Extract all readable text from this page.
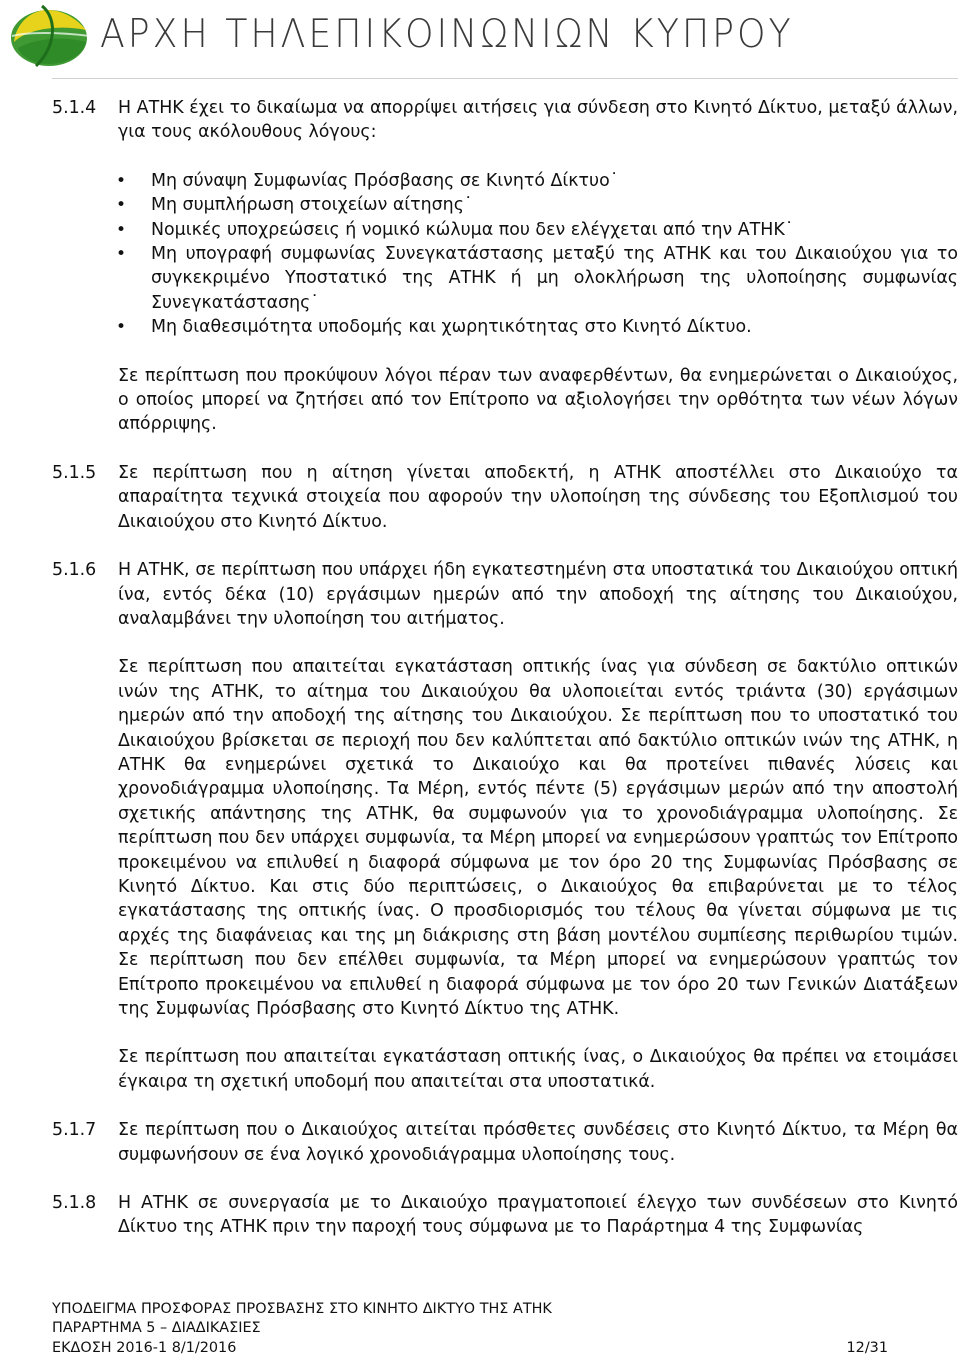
ΑΡΧΗ ΤΗΛΕΠΙΚΟΙΝΩΝΙΩΝ ΚΥΠΡΟΥ
5.1.4	Η ΑΤΗΚ έχει το δικαίωμα να απορρίψει αιτήσεις για σύνδεση στο Κινητό Δίκτυο, μεταξύ άλλων, για τους ακόλουθους λόγους:
• Μη σύναψη Συμφωνίας Πρόσβασης σε Κινητό Δίκτυο˙
• Μη συμπλήρωση στοιχείων αίτησης˙
• Νομικές υποχρεώσεις ή νομικό κώλυμα που δεν ελέγχεται από την ΑΤΗΚ˙
• Μη υπογραφή συμφωνίας Συνεγκατάστασης μεταξύ της ΑΤΗΚ και του Δικαιούχου για το συγκεκριμένο Υποστατικό της ΑΤΗΚ ή μη ολοκλήρωση της υλοποίησης συμφωνίας Συνεγκατάστασης˙
• Μη διαθεσιμότητα υποδομής και χωρητικότητας στο Κινητό Δίκτυο.

Σε περίπτωση που προκύψουν λόγοι πέραν των αναφερθέντων, θα ενημερώνεται ο Δικαιούχος, ο οποίος μπορεί να ζητήσει από τον Επίτροπο να αξιολογήσει την ορθότητα των νέων λόγων απόρριψης.

5.1.5	Σε περίπτωση που η αίτηση γίνεται αποδεκτή, η ΑΤΗΚ αποστέλλει στο Δικαιούχο τα απαραίτητα τεχνικά στοιχεία που αφορούν την υλοποίηση της σύνδεσης του Εξοπλισμού του Δικαιούχου στο Κινητό Δίκτυο.
5.1.6	Η ΑΤΗΚ, σε περίπτωση που υπάρχει ήδη εγκατεστημένη στα υποστατικά του Δικαιούχου οπτική ίνα, εντός δέκα (10) εργάσιμων ημερών από την αποδοχή της αίτησης του Δικαιούχου, αναλαμβάνει την υλοποίηση του αιτήματος.

Σε περίπτωση που απαιτείται εγκατάσταση οπτικής ίνας για σύνδεση σε δακτύλιο οπτικών ινών της ΑΤΗΚ, το αίτημα του Δικαιούχου θα υλοποιείται εντός τριάντα (30) εργάσιμων ημερών από την αποδοχή της αίτησης του Δικαιούχου. Σε περίπτωση που το υποστατικό του Δικαιούχου βρίσκεται σε περιοχή που δεν καλύπτεται από δακτύλιο οπτικών ινών της ΑΤΗΚ, η ΑΤΗΚ θα ενημερώνει σχετικά το Δικαιούχο και θα προτείνει πιθανές λύσεις και χρονοδιάγραμμα υλοποίησης. Τα Μέρη, εντός πέντε (5) εργάσιμων μερών από την αποστολή σχετικής απάντησης της ΑΤΗΚ, θα συμφωνούν για το χρονοδιάγραμμα υλοποίησης. Σε περίπτωση που δεν υπάρχει συμφωνία, τα Μέρη μπορεί να ενημερώσουν γραπτώς τον Επίτροπο προκειμένου να επιλυθεί η διαφορά σύμφωνα με τον όρο 20 της Συμφωνίας Πρόσβασης σε Κινητό Δίκτυο. Και στις δύο περιπτώσεις, ο Δικαιούχος θα επιβαρύνεται με το τέλος εγκατάστασης της οπτικής ίνας. Ο προσδιορισμός του τέλους θα γίνεται σύμφωνα με τις αρχές της διαφάνειας και της μη διάκρισης στη βάση μοντέλου συμπίεσης περιθωρίου τιμών. Σε περίπτωση που δεν επέλθει συμφωνία, τα Μέρη μπορεί να ενημερώσουν γραπτώς τον Επίτροπο προκειμένου να επιλυθεί η διαφορά σύμφωνα με τον όρο 20 των Γενικών Διατάξεων της Συμφωνίας Πρόσβασης στο Κινητό Δίκτυο της ΑΤΗΚ.

Σε περίπτωση που απαιτείται εγκατάσταση οπτικής ίνας, ο Δικαιούχος θα πρέπει να ετοιμάσει έγκαιρα τη σχετική υποδομή που απαιτείται στα υποστατικά.

5.1.7	Σε περίπτωση που ο Δικαιούχος αιτείται πρόσθετες συνδέσεις στο Κινητό Δίκτυο, τα Μέρη θα συμφωνήσουν σε ένα λογικό χρονοδιάγραμμα υλοποίησης τους.
5.1.8	Η ΑΤΗΚ σε συνεργασία με το Δικαιούχο πραγματοποιεί έλεγχο των συνδέσεων στο Κινητό Δίκτυο της ΑΤΗΚ πριν την παροχή τους σύμφωνα με το Παράρτημα 4 της Συμφωνίας
ΥΠΟΔΕΙΓΜΑ ΠΡΟΣΦΟΡΑΣ ΠΡΟΣΒΑΣΗΣ ΣΤΟ ΚΙΝΗΤΟ ΔΙΚΤΥΟ ΤΗΣ ΑΤΗΚ
ΠΑΡΑΡΤΗΜΑ 5 – ΔΙΑΔΙΚΑΣΙΕΣ
ΕΚΔΟΣΗ 2016-1 8/1/2016	12/31
